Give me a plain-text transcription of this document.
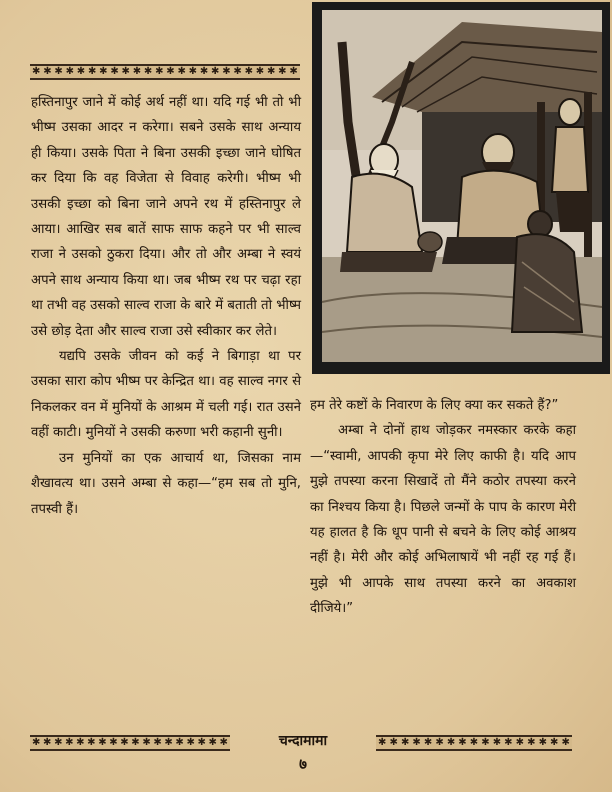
✱ ✱ ✱ ✱ ✱ ✱ ✱ ✱ ✱ ✱ ✱ ✱ ✱ ✱ ✱ ✱ ✱ ✱ ✱ ✱ ✱ ✱ ✱ ✱

हस्तिनापुर जाने में कोई अर्थ नहीं था। यदि गई भी तो भी भीष्म उसका आदर न करेगा। सबने उसके साथ अन्याय ही किया। उसके पिता ने बिना उसकी इच्छा जाने घोषित कर दिया कि वह विजेता से विवाह करेगी। भीष्म भी उसकी इच्छा को बिना जाने अपने रथ में हस्तिनापुर ले आया। आखिर सब बातें साफ साफ कहने पर भी साल्व राजा ने उसको ठुकरा दिया। और तो और अम्बा ने स्वयं अपने साथ अन्याय किया था। जब भीष्म रथ पर चढ़ा रहा था तभी वह उसको साल्व राजा के बारे में बताती तो भीष्म उसे छोड़ देता और साल्व राजा उसे स्वीकार कर लेते।

यद्यपि उसके जीवन को कई ने बिगाड़ा था पर उसका सारा कोप भीष्म पर केन्द्रित था। वह साल्व नगर से निकलकर वन में मुनियों के आश्रम में चली गई। रात उसने वहीं काटी। मुनियों ने उसकी करुणा भरी कहानी सुनी।

उन मुनियों का एक आचार्य था, जिसका नाम शैखावत्य था। उसने अम्बा से कहा—“हम सब तो मुनि, तपस्वी हैं।

हम तेरे कष्टों के निवारण के लिए क्या कर सकते हैं?”

अम्बा ने दोनों हाथ जोड़कर नमस्कार करके कहा—“स्वामी, आपकी कृपा मेरे लिए काफी है। यदि आप मुझे तपस्या करना सिखादें तो मैंने कठोर तपस्या करने का निश्चय किया है। पिछले जन्मों के पाप के कारण मेरी यह हालत है कि धूप पानी से बचने के लिए कोई आश्रय नहीं है। मेरी और कोई अभिलाषायें भी नहीं रह गई हैं। मुझे भी आपके साथ तपस्या करने का अवकाश दीजिये।”

✱ ✱ ✱ ✱ ✱ ✱ ✱ ✱ ✱ ✱ ✱ ✱ ✱ ✱ ✱ ✱ ✱ ✱	चन्दामामा	✱ ✱ ✱ ✱ ✱ ✱ ✱ ✱ ✱ ✱ ✱ ✱ ✱ ✱ ✱ ✱ ✱
७
